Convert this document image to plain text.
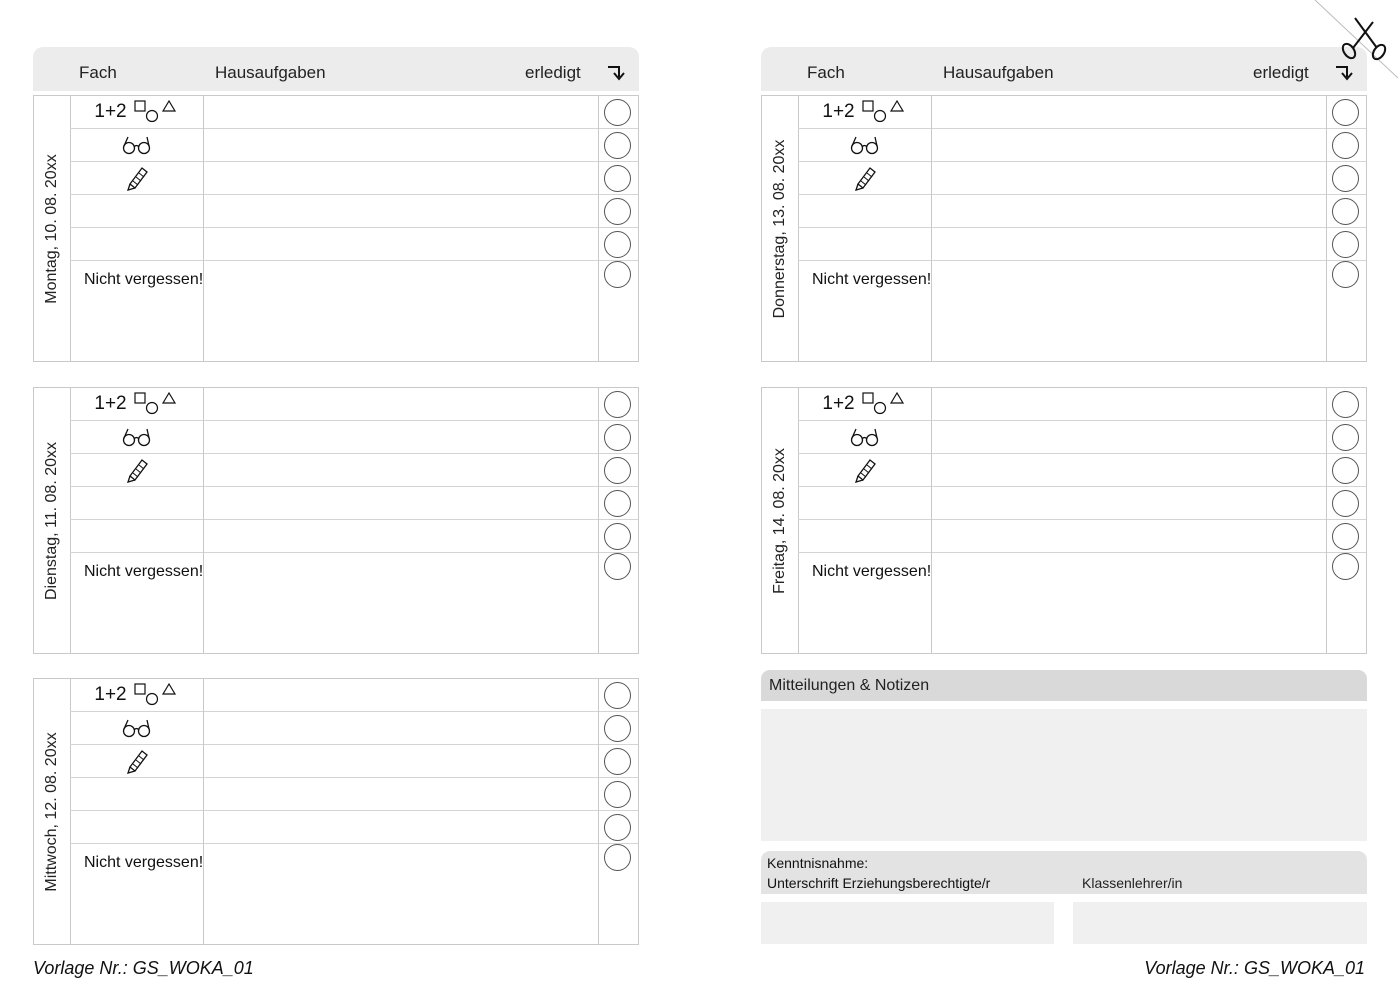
Fach	Hausaufgaben	erledigt
Montag, 10. 08. 20xx
1+2
Nicht vergessen!
Dienstag, 11. 08. 20xx
1+2
Nicht vergessen!
Mittwoch, 12. 08. 20xx
1+2
Nicht vergessen!
Fach	Hausaufgaben	erledigt
Donnerstag, 13. 08. 20xx
1+2
Nicht vergessen!
Freitag, 14. 08. 20xx
1+2
Nicht vergessen!
Mitteilungen & Notizen
Kenntnisnahme:
Unterschrift Erziehungsberechtigte/r	Klassenlehrer/in
Vorlage Nr.: GS_WOKA_01	Vorlage Nr.: GS_WOKA_01
